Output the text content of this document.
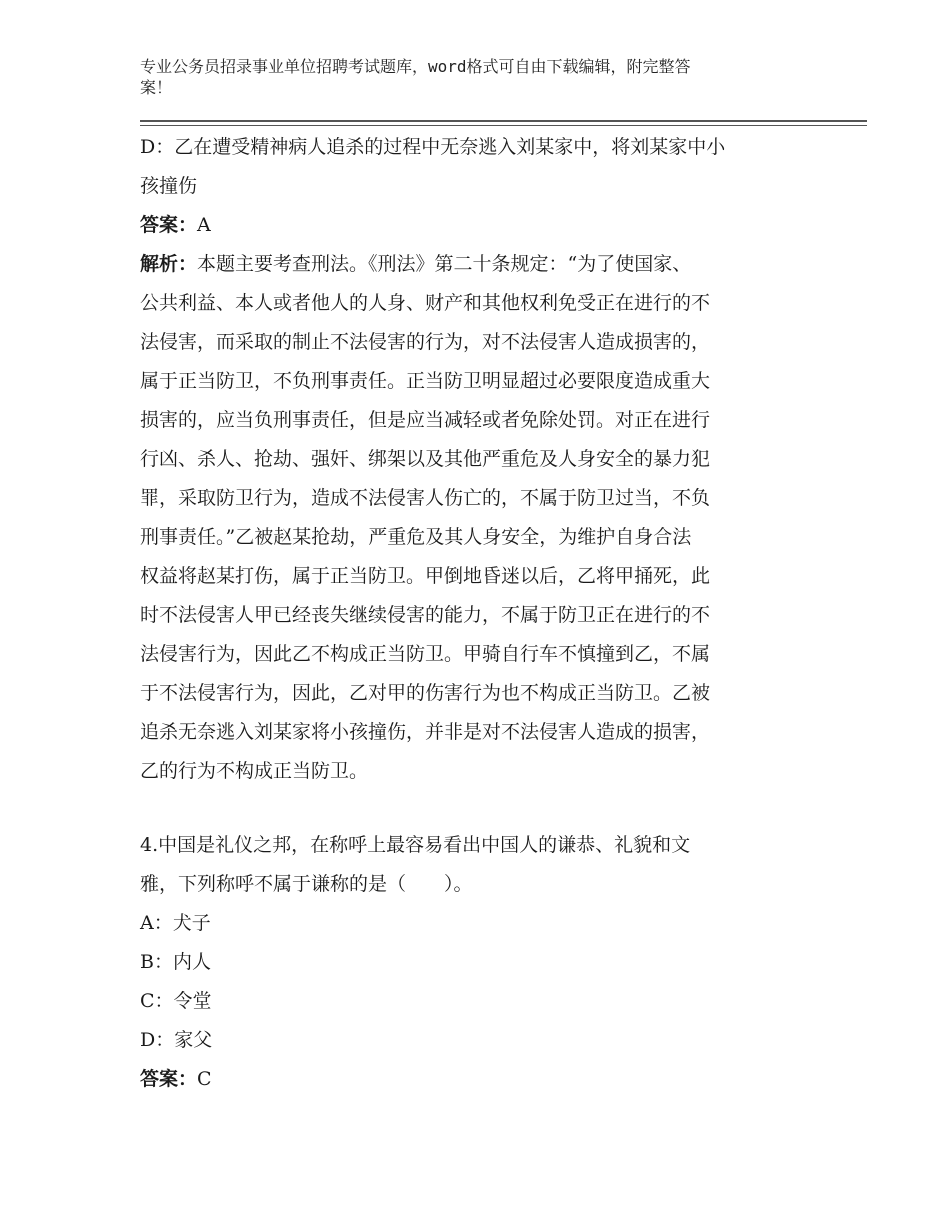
专业公务员招录事业单位招聘考试题库，word格式可自由下载编辑，附完整答
案！
D：乙在遭受精神病人追杀的过程中无奈逃入刘某家中，将刘某家中小
孩撞伤
答案：A
解析：本题主要考查刑法。《刑法》第二十条规定：“为了使国家、
公共利益、本人或者他人的人身、财产和其他权利免受正在进行的不
法侵害，而采取的制止不法侵害的行为，对不法侵害人造成损害的，
属于正当防卫，不负刑事责任。正当防卫明显超过必要限度造成重大
损害的，应当负刑事责任，但是应当减轻或者免除处罚。对正在进行
行凶、杀人、抢劫、强奸、绑架以及其他严重危及人身安全的暴力犯
罪，采取防卫行为，造成不法侵害人伤亡的，不属于防卫过当，不负
刑事责任。”乙被赵某抢劫，严重危及其人身安全，为维护自身合法
权益将赵某打伤，属于正当防卫。甲倒地昏迷以后，乙将甲捅死，此
时不法侵害人甲已经丧失继续侵害的能力，不属于防卫正在进行的不
法侵害行为，因此乙不构成正当防卫。甲骑自行车不慎撞到乙，不属
于不法侵害行为，因此，乙对甲的伤害行为也不构成正当防卫。乙被
追杀无奈逃入刘某家将小孩撞伤，并非是对不法侵害人造成的损害，
乙的行为不构成正当防卫。
4.中国是礼仪之邦，在称呼上最容易看出中国人的谦恭、礼貌和文
雅，下列称呼不属于谦称的是（　　）。
A：犬子
B：内人
C：令堂
D：家父
答案：C
